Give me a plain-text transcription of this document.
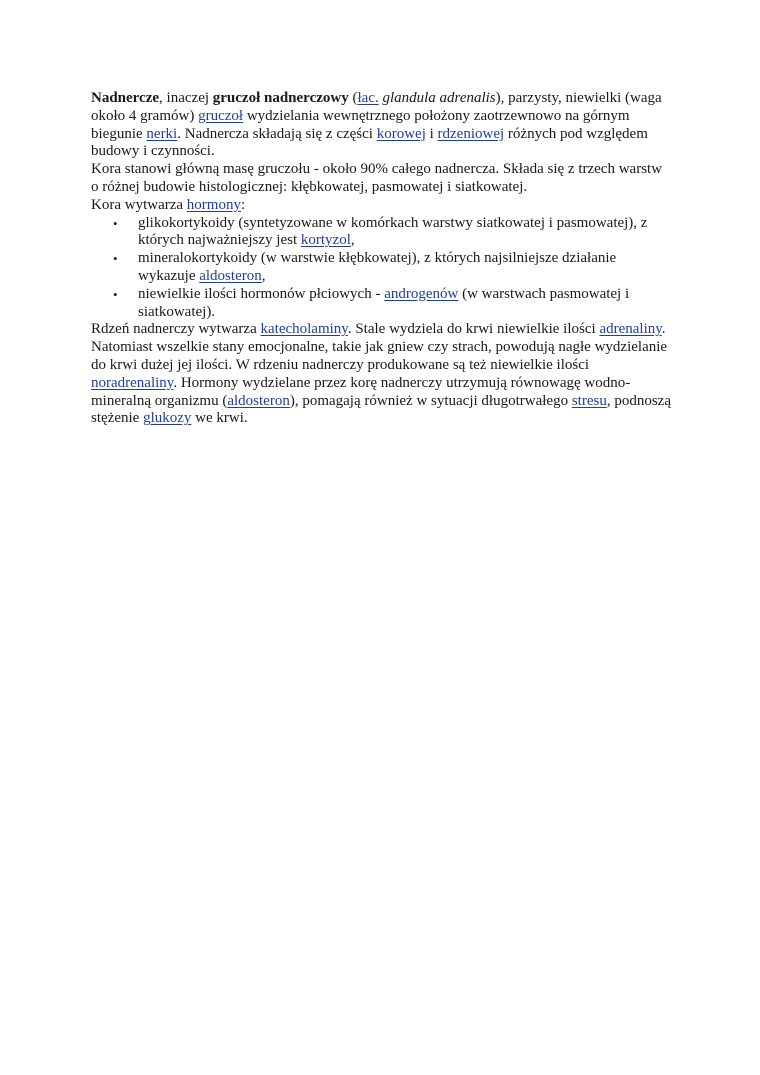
Nadnercze, inaczej gruczoł nadnerczowy (łac. glandula adrenalis), parzysty, niewielki (waga około 4 gramów) gruczoł wydzielania wewnętrznego położony zaotrzewnowo na górnym biegunie nerki. Nadnercza składają się z części korowej i rdzeniowej różnych pod względem budowy i czynności.

Kora stanowi główną masę gruczołu - około 90% całego nadnercza. Składa się z trzech warstw o różnej budowie histologicznej: kłębkowatej, pasmowatej i siatkowatej.

Kora wytwarza hormony:

• glikokortykoidy (syntetyzowane w komórkach warstwy siatkowatej i pasmowatej), z których najważniejszy jest kortyzol,
• mineralokortykoidy (w warstwie kłębkowatej), z których najsilniejsze działanie wykazuje aldosteron,
• niewielkie ilości hormonów płciowych - androgenów (w warstwach pasmowatej i siatkowatej).

Rdzeń nadnerczy wytwarza katecholaminy. Stale wydziela do krwi niewielkie ilości adrenaliny. Natomiast wszelkie stany emocjonalne, takie jak gniew czy strach, powodują nagłe wydzielanie do krwi dużej jej ilości. W rdzeniu nadnerczy produkowane są też niewielkie ilości noradrenaliny. Hormony wydzielane przez korę nadnerczy utrzymują równowagę wodno-mineralną organizmu (aldosteron), pomagają również w sytuacji długotrwałego stresu, podnoszą stężenie glukozy we krwi.
